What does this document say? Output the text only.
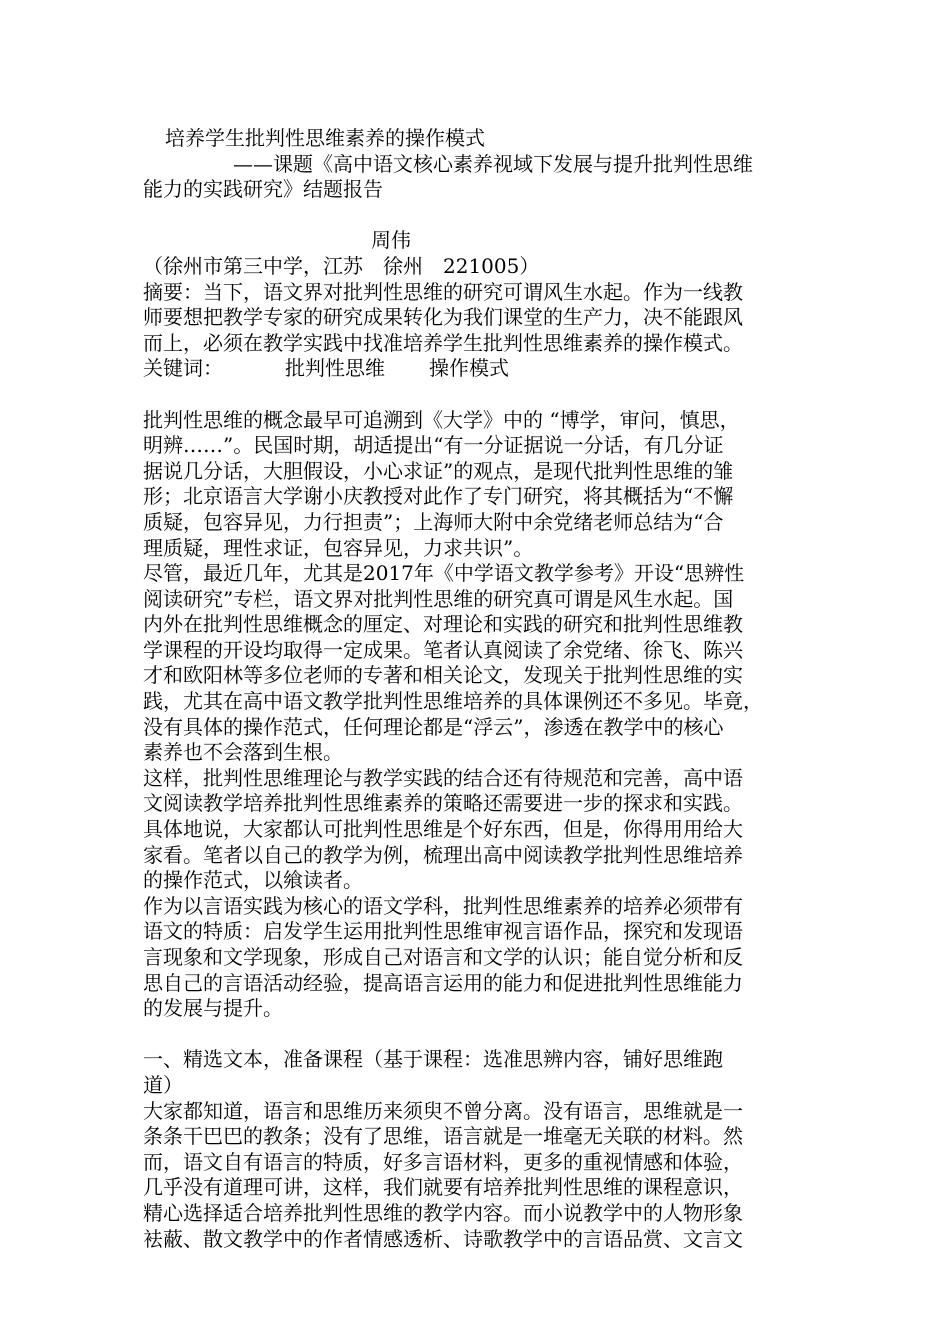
培养学生批判性思维素养的操作模式
——课题《高中语文核心素养视域下发展与提升批判性思维
能力的实践研究》结题报告
周伟
（徐州市第三中学，江苏　徐州　221005）
摘要：当下，语文界对批判性思维的研究可谓风生水起。作为一线教
师要想把教学专家的研究成果转化为我们课堂的生产力，决不能跟风
而上，必须在教学实践中找准培养学生批判性思维素养的操作模式。
关键词：	批判性思维 操作模式
批判性思维的概念最早可追溯到《大学》中的 “博学，审问，慎思，
明辨……”。民国时期，胡适提出“有一分证据说一分话，有几分证
据说几分话，大胆假设，小心求证”的观点，是现代批判性思维的雏
形；北京语言大学谢小庆教授对此作了专门研究，将其概括为“不懈
质疑，包容异见，力行担责”；上海师大附中余党绪老师总结为“合
理质疑，理性求证，包容异见，力求共识”。
尽管，最近几年，尤其是2017年《中学语文教学参考》开设“思辨性
阅读研究”专栏，语文界对批判性思维的研究真可谓是风生水起。国
内外在批判性思维概念的厘定、对理论和实践的研究和批判性思维教
学课程的开设均取得一定成果。笔者认真阅读了余党绪、徐飞、陈兴
才和欧阳林等多位老师的专著和相关论文，发现关于批判性思维的实
践，尤其在高中语文教学批判性思维培养的具体课例还不多见。毕竟，
没有具体的操作范式，任何理论都是“浮云”，渗透在教学中的核心
素养也不会落到生根。
这样，批判性思维理论与教学实践的结合还有待规范和完善，高中语
文阅读教学培养批判性思维素养的策略还需要进一步的探求和实践。
具体地说，大家都认可批判性思维是个好东西，但是，你得用用给大
家看。笔者以自己的教学为例，梳理出高中阅读教学批判性思维培养
的操作范式，以飨读者。
作为以言语实践为核心的语文学科，批判性思维素养的培养必须带有
语文的特质：启发学生运用批判性思维审视言语作品，探究和发现语
言现象和文学现象，形成自己对语言和文学的认识；能自觉分析和反
思自己的言语活动经验，提高语言运用的能力和促进批判性思维能力
的发展与提升。
一、精选文本，准备课程（基于课程：选准思辨内容，铺好思维跑
道）
大家都知道，语言和思维历来须臾不曾分离。没有语言，思维就是一
条条干巴巴的教条；没有了思维，语言就是一堆毫无关联的材料。然
而，语文自有语言的特质，好多言语材料，更多的重视情感和体验，
几乎没有道理可讲，这样，我们就要有培养批判性思维的课程意识，
精心选择适合培养批判性思维的教学内容。而小说教学中的人物形象
袪蔽、散文教学中的作者情感透析、诗歌教学中的言语品赏、文言文
